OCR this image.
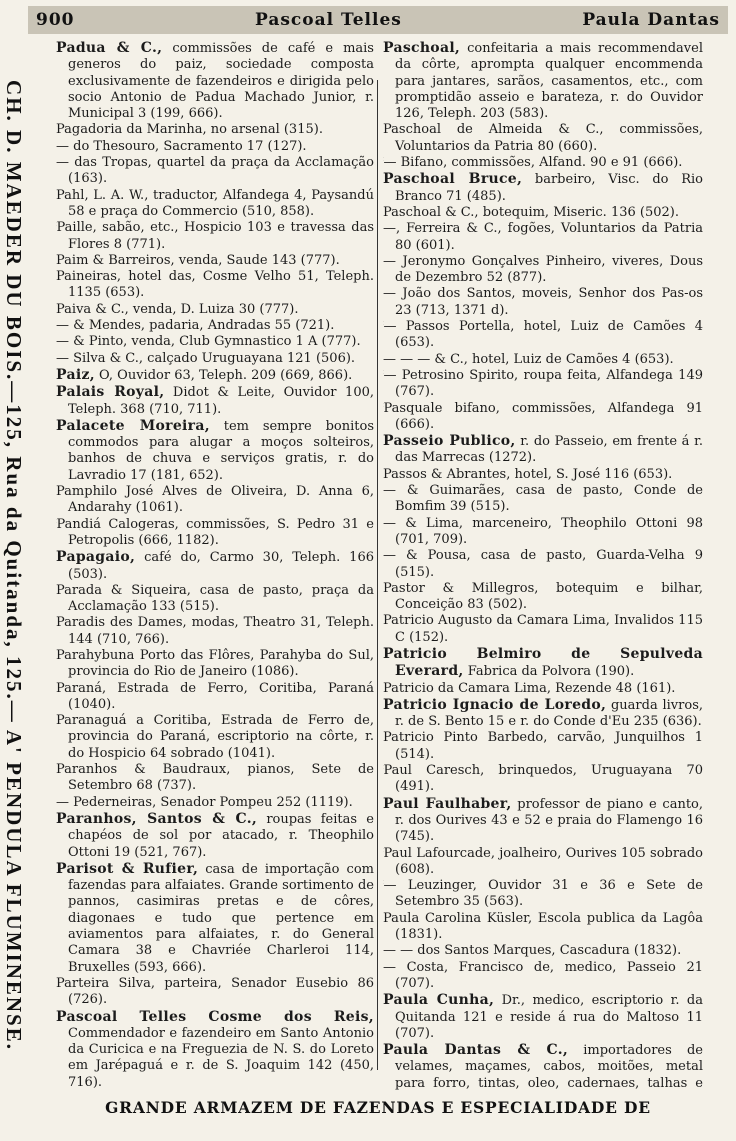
900	Pascoal Telles	Paula Dantas
CH. D. MAEDER DU BOIS.—125, Rua da Quitanda, 125.— A' PENDULA FLUMINENSE.

Padua & C., commissões de café e mais generos do paiz, sociedade composta exclusivamente de fazendeiros e dirigida pelo socio Antonio de Padua Machado Junior, r. Municipal 3 (199, 666).

Pagadoria da Marinha, no arsenal (315).

— do Thesouro, Sacramento 17 (127).

— das Tropas, quartel da praça da Acclamação (163).

Pahl, L. A. W., traductor, Alfandega 4, Paysandú 58 e praça do Commercio (510, 858).

Paille, sabão, etc., Hospicio 103 e travessa das Flores 8 (771).

Paim & Barreiros, venda, Saude 143 (777).

Paineiras, hotel das, Cosme Velho 51, Teleph. 1135 (653).

Paiva & C., venda, D. Luiza 30 (777).

— & Mendes, padaria, Andradas 55 (721).

— & Pinto, venda, Club Gymnastico 1 A (777).

— Silva & C., calçado Uruguayana 121 (506).

Paiz, O, Ouvidor 63, Teleph. 209 (669, 866).

Palais Royal, Didot & Leite, Ouvidor 100, Teleph. 368 (710, 711).

Palacete Moreira, tem sempre bonitos commodos para alugar a moços solteiros, banhos de chuva e serviços gratis, r. do Lavradio 17 (181, 652).

Pamphilo José Alves de Oliveira, D. Anna 6, Andarahy (1061).

Pandiá Calogeras, commissões, S. Pedro 31 e Petropolis (666, 1182).

Papagaio, café do, Carmo 30, Teleph. 166 (503).

Parada & Siqueira, casa de pasto, praça da Acclamação 133 (515).

Paradis des Dames, modas, Theatro 31, Teleph. 144 (710, 766).

Parahybuna Porto das Flôres, Parahyba do Sul, provincia do Rio de Janeiro (1086).

Paraná, Estrada de Ferro, Coritiba, Paraná (1040).

Paranaguá a Coritiba, Estrada de Ferro de, provincia do Paraná, escriptorio na côrte, r. do Hospicio 64 sobrado (1041).

Paranhos & Baudraux, pianos, Sete de Setembro 68 (737).

— Pederneiras, Senador Pompeu 252 (1119).

Paranhos, Santos & C., roupas feitas e chapéos de sol por atacado, r. Theophilo Ottoni 19 (521, 767).

Parisot & Rufier, casa de importação com fazendas para alfaiates. Grande sortimento de pannos, casimiras pretas e de côres, diagonaes e tudo que pertence em aviamentos para alfaiates, r. do General Camara 38 e Chavriée Charleroi 114, Bruxelles (593, 666).

Parteira Silva, parteira, Senador Eusebio 86 (726).

Pascoal Telles Cosme dos Reis, Commendador e fazendeiro em Santo Antonio da Curicica e na Freguezia de N. S. do Loreto em Jarépaguá e r. de S. Joaquim 142 (450, 716).

Paschoal, confeitaria a mais recommendavel da côrte, aprompta qualquer encommenda para jantares, sarãos, casamentos, etc., com promptidão asseio e barateza, r. do Ouvidor 126, Teleph. 203 (583).

Paschoal de Almeida & C., commissões, Voluntarios da Patria 80 (660).

— Bifano, commissões, Alfand. 90 e 91 (666).

Paschoal Bruce, barbeiro, Visc. do Rio Branco 71 (485).

Paschoal & C., botequim, Miseric. 136 (502).

—, Ferreira & C., fogões, Voluntarios da Patria 80 (601).

— Jeronymo Gonçalves Pinheiro, viveres, Dous de Dezembro 52 (877).

— João dos Santos, moveis, Senhor dos Pas-os 23 (713, 1371 d).

— Passos Portella, hotel, Luiz de Camões 4 (653).

— — — & C., hotel, Luiz de Camões 4 (653).

— Petrosino Spirito, roupa feita, Alfandega 149 (767).

Pasquale bifano, commissões, Alfandega 91 (666).

Passeio Publico, r. do Passeio, em frente á r. das Marrecas (1272).

Passos & Abrantes, hotel, S. José 116 (653).

— & Guimarães, casa de pasto, Conde de Bomfim 39 (515).

— & Lima, marceneiro, Theophilo Ottoni 98 (701, 709).

— & Pousa, casa de pasto, Guarda-Velha 9 (515).

Pastor & Millegros, botequim e bilhar, Conceição 83 (502).

Patricio Augusto da Camara Lima, Invalidos 115 C (152).

Patricio Belmiro de Sepulveda Everard, Fabrica da Polvora (190).

Patricio da Camara Lima, Rezende 48 (161).

Patricio Ignacio de Loredo, guarda livros, r. de S. Bento 15 e r. do Conde d'Eu 235 (636).

Patricio Pinto Barbedo, carvão, Junquilhos 1 (514).

Paul Caresch, brinquedos, Uruguayana 70 (491).

Paul Faulhaber, professor de piano e canto, r. dos Ourives 43 e 52 e praia do Flamengo 16 (745).

Paul Lafourcade, joalheiro, Ourives 105 sobrado (608).

— Leuzinger, Ouvidor 31 e 36 e Sete de Setembro 35 (563).

Paula Carolina Küsler, Escola publica da Lagôa (1831).

— — dos Santos Marques, Cascadura (1832).

— Costa, Francisco de, medico, Passeio 21 (707).

Paula Cunha, Dr., medico, escriptorio r. da Quitanda 121 e reside á rua do Maltoso 11 (707).

Paula Dantas & C., importadores de velames, maçames, cabos, moitões, metal para forro, tintas, oleo, cadernaes, talhas e

GRANDE ARMAZEM DE FAZENDAS E ESPECIALIDADE DE
